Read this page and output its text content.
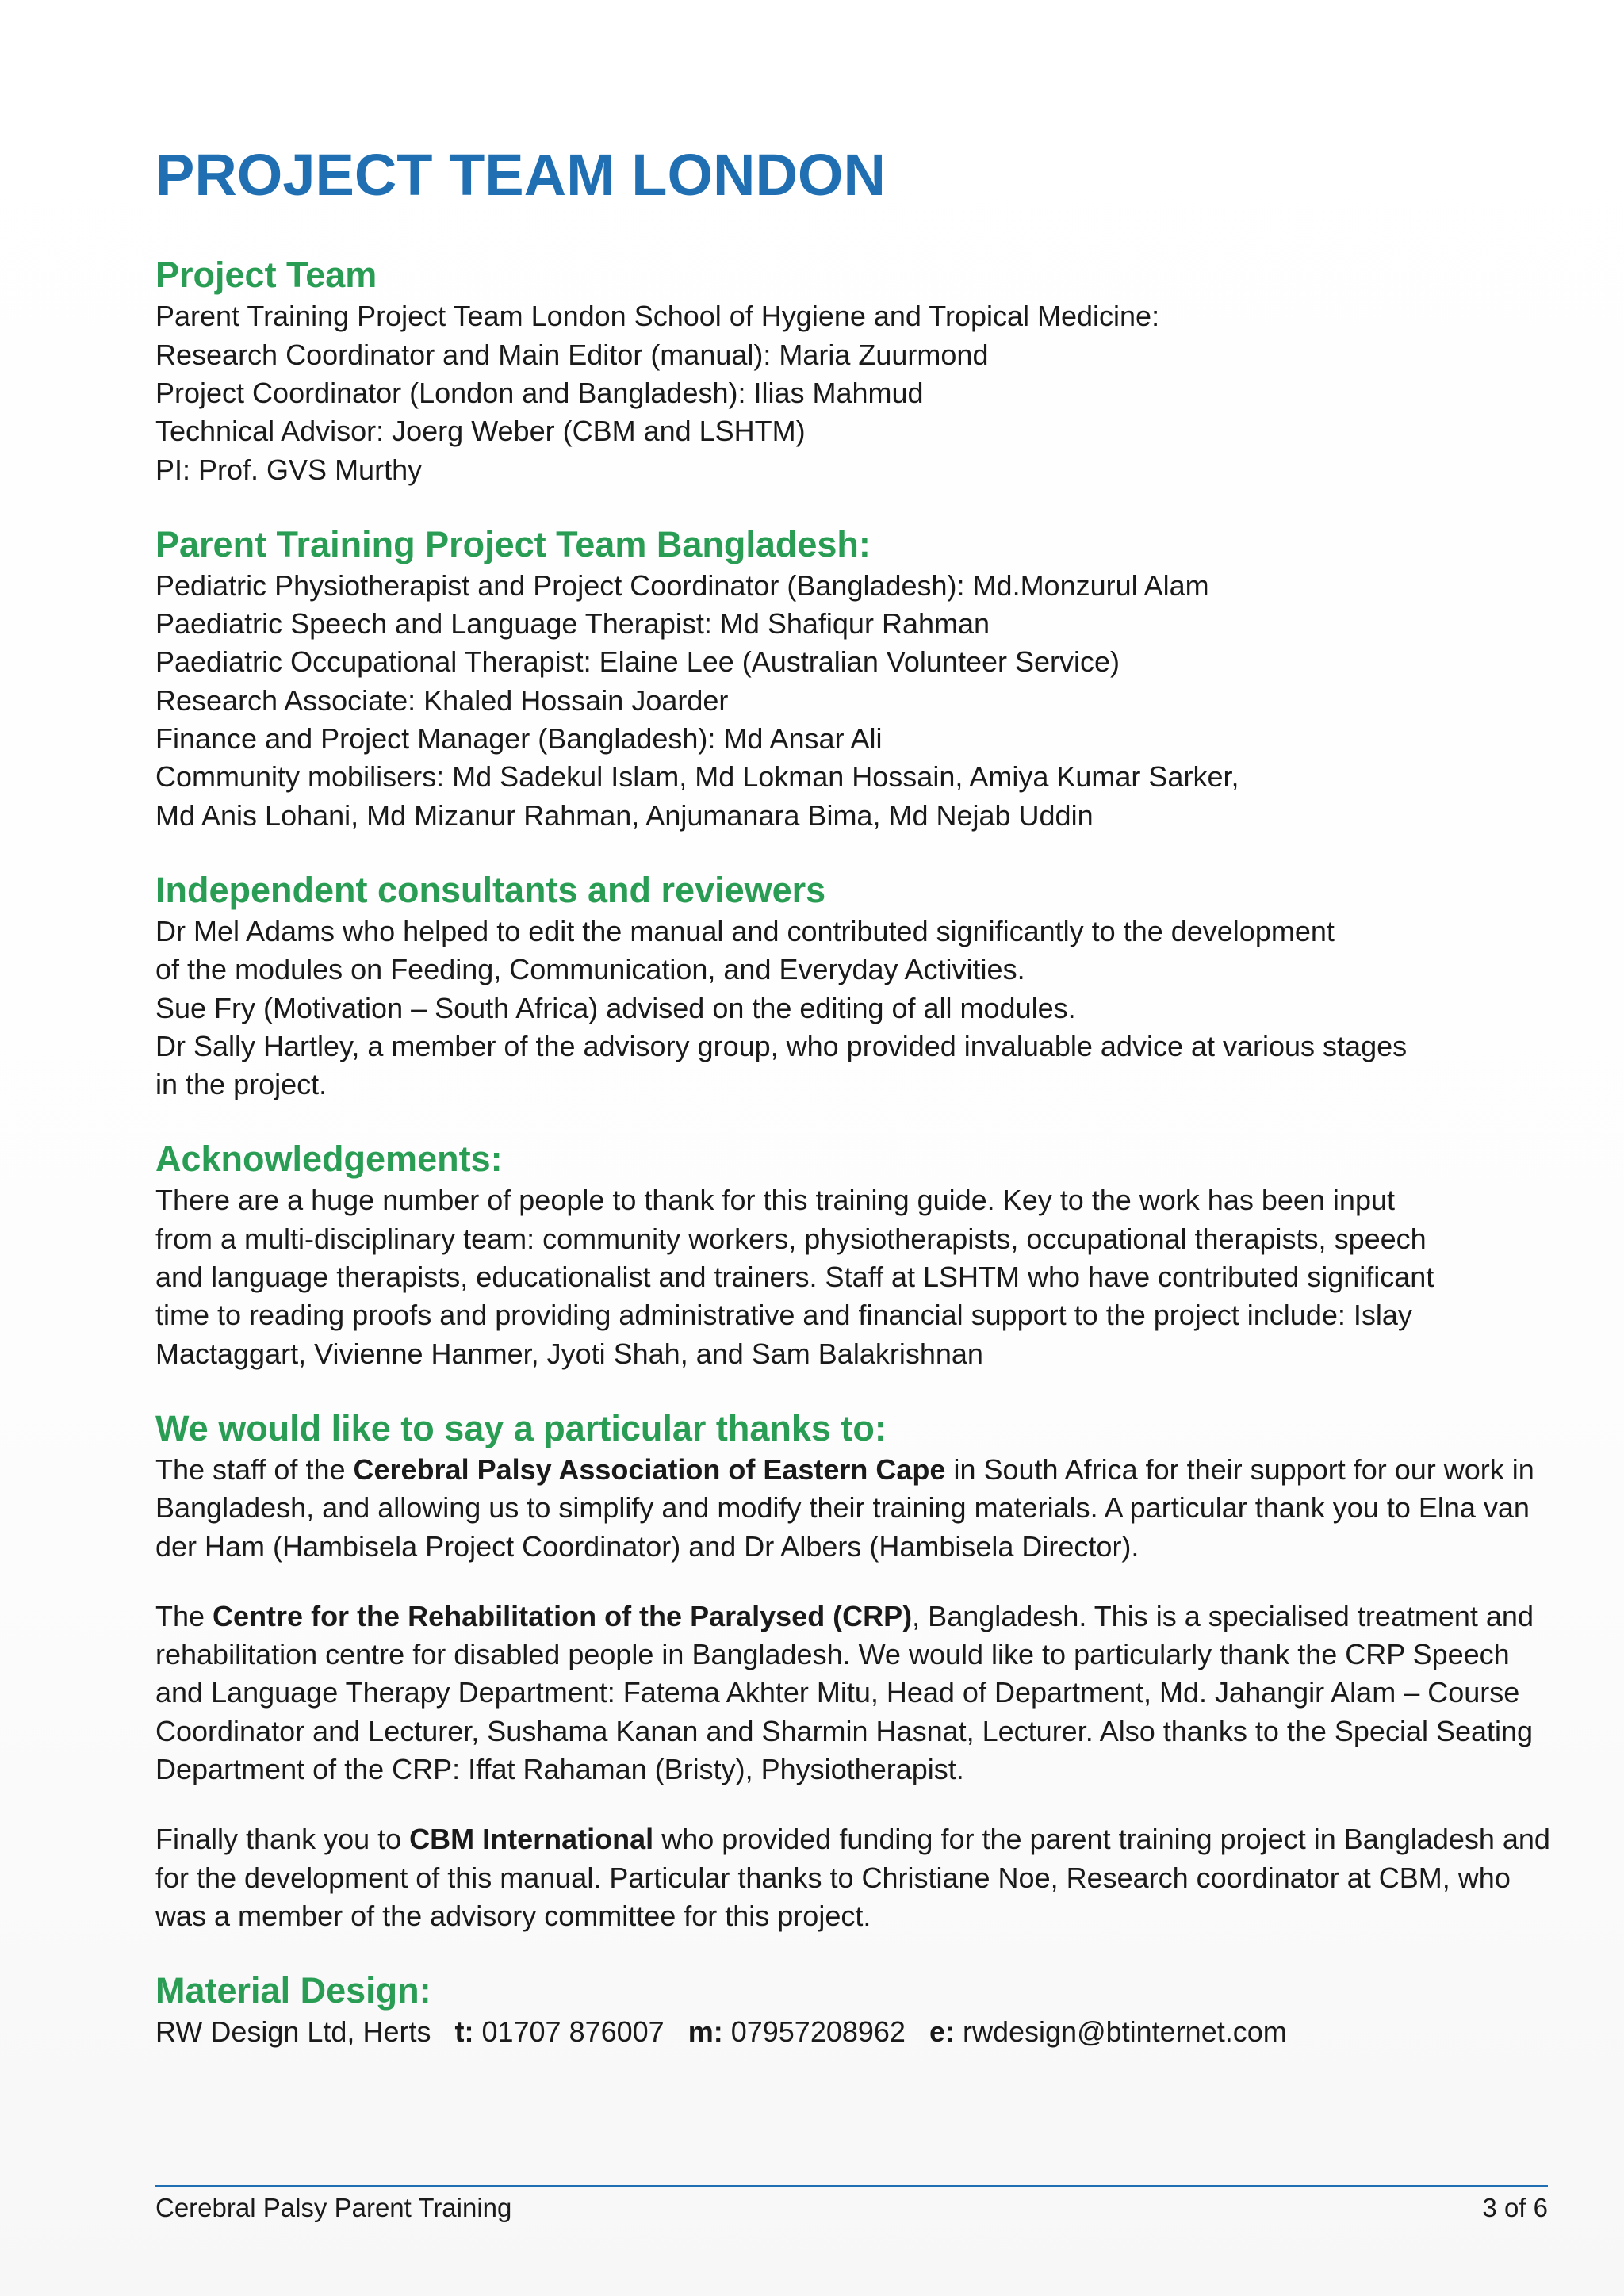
PROJECT TEAM LONDON
Project Team

Parent Training Project Team London School of Hygiene and Tropical Medicine:

Research Coordinator and Main Editor (manual): Maria Zuurmond

Project Coordinator (London and Bangladesh): Ilias Mahmud

Technical Advisor: Joerg Weber (CBM and LSHTM)

PI: Prof. GVS Murthy

Parent Training Project Team Bangladesh:

Pediatric Physiotherapist and Project Coordinator (Bangladesh): Md.Monzurul Alam

Paediatric Speech and Language Therapist: Md Shafiqur Rahman

Paediatric Occupational Therapist: Elaine Lee (Australian Volunteer Service)

Research Associate: Khaled Hossain Joarder

Finance and Project Manager (Bangladesh): Md Ansar Ali

Community mobilisers: Md Sadekul Islam, Md Lokman Hossain, Amiya Kumar Sarker,

Md Anis Lohani, Md Mizanur Rahman, Anjumanara Bima, Md Nejab Uddin

Independent consultants and reviewers

Dr Mel Adams who helped to edit the manual and contributed significantly to the development

of the modules on Feeding, Communication, and Everyday Activities.

Sue Fry (Motivation – South Africa) advised on the editing of all modules.

Dr Sally Hartley, a member of the advisory group, who provided invaluable advice at various stages

in the project.

Acknowledgements:

There are a huge number of people to thank for this training guide. Key to the work has been input

from a multi-disciplinary team: community workers, physiotherapists, occupational therapists, speech

and language therapists, educationalist and trainers. Staff at LSHTM who have contributed significant

time to reading proofs and providing administrative and financial support to the project include: Islay

Mactaggart, Vivienne Hanmer, Jyoti Shah, and Sam Balakrishnan

We would like to say a particular thanks to:

The staff of the Cerebral Palsy Association of Eastern Cape in South Africa for their support for our work in Bangladesh, and allowing us to simplify and modify their training materials. A particular thank you to Elna van der Ham (Hambisela Project Coordinator) and Dr Albers (Hambisela Director).

The Centre for the Rehabilitation of the Paralysed (CRP), Bangladesh. This is a specialised treatment and rehabilitation centre for disabled people in Bangladesh. We would like to particularly thank the CRP Speech and Language Therapy Department: Fatema Akhter Mitu, Head of Department, Md. Jahangir Alam – Course Coordinator and Lecturer, Sushama Kanan and Sharmin Hasnat, Lecturer. Also thanks to the Special Seating Department of the CRP: Iffat Rahaman (Bristy), Physiotherapist.

Finally thank you to CBM International who provided funding for the parent training project in Bangladesh and for the development of this manual. Particular thanks to Christiane Noe, Research coordinator at CBM, who was a member of the advisory committee for this project.

Material Design:

RW Design Ltd, Herts t: 01707 876007 m: 07957208962 e: rwdesign@btinternet.com

Cerebral Palsy Parent Training	3 of 6
